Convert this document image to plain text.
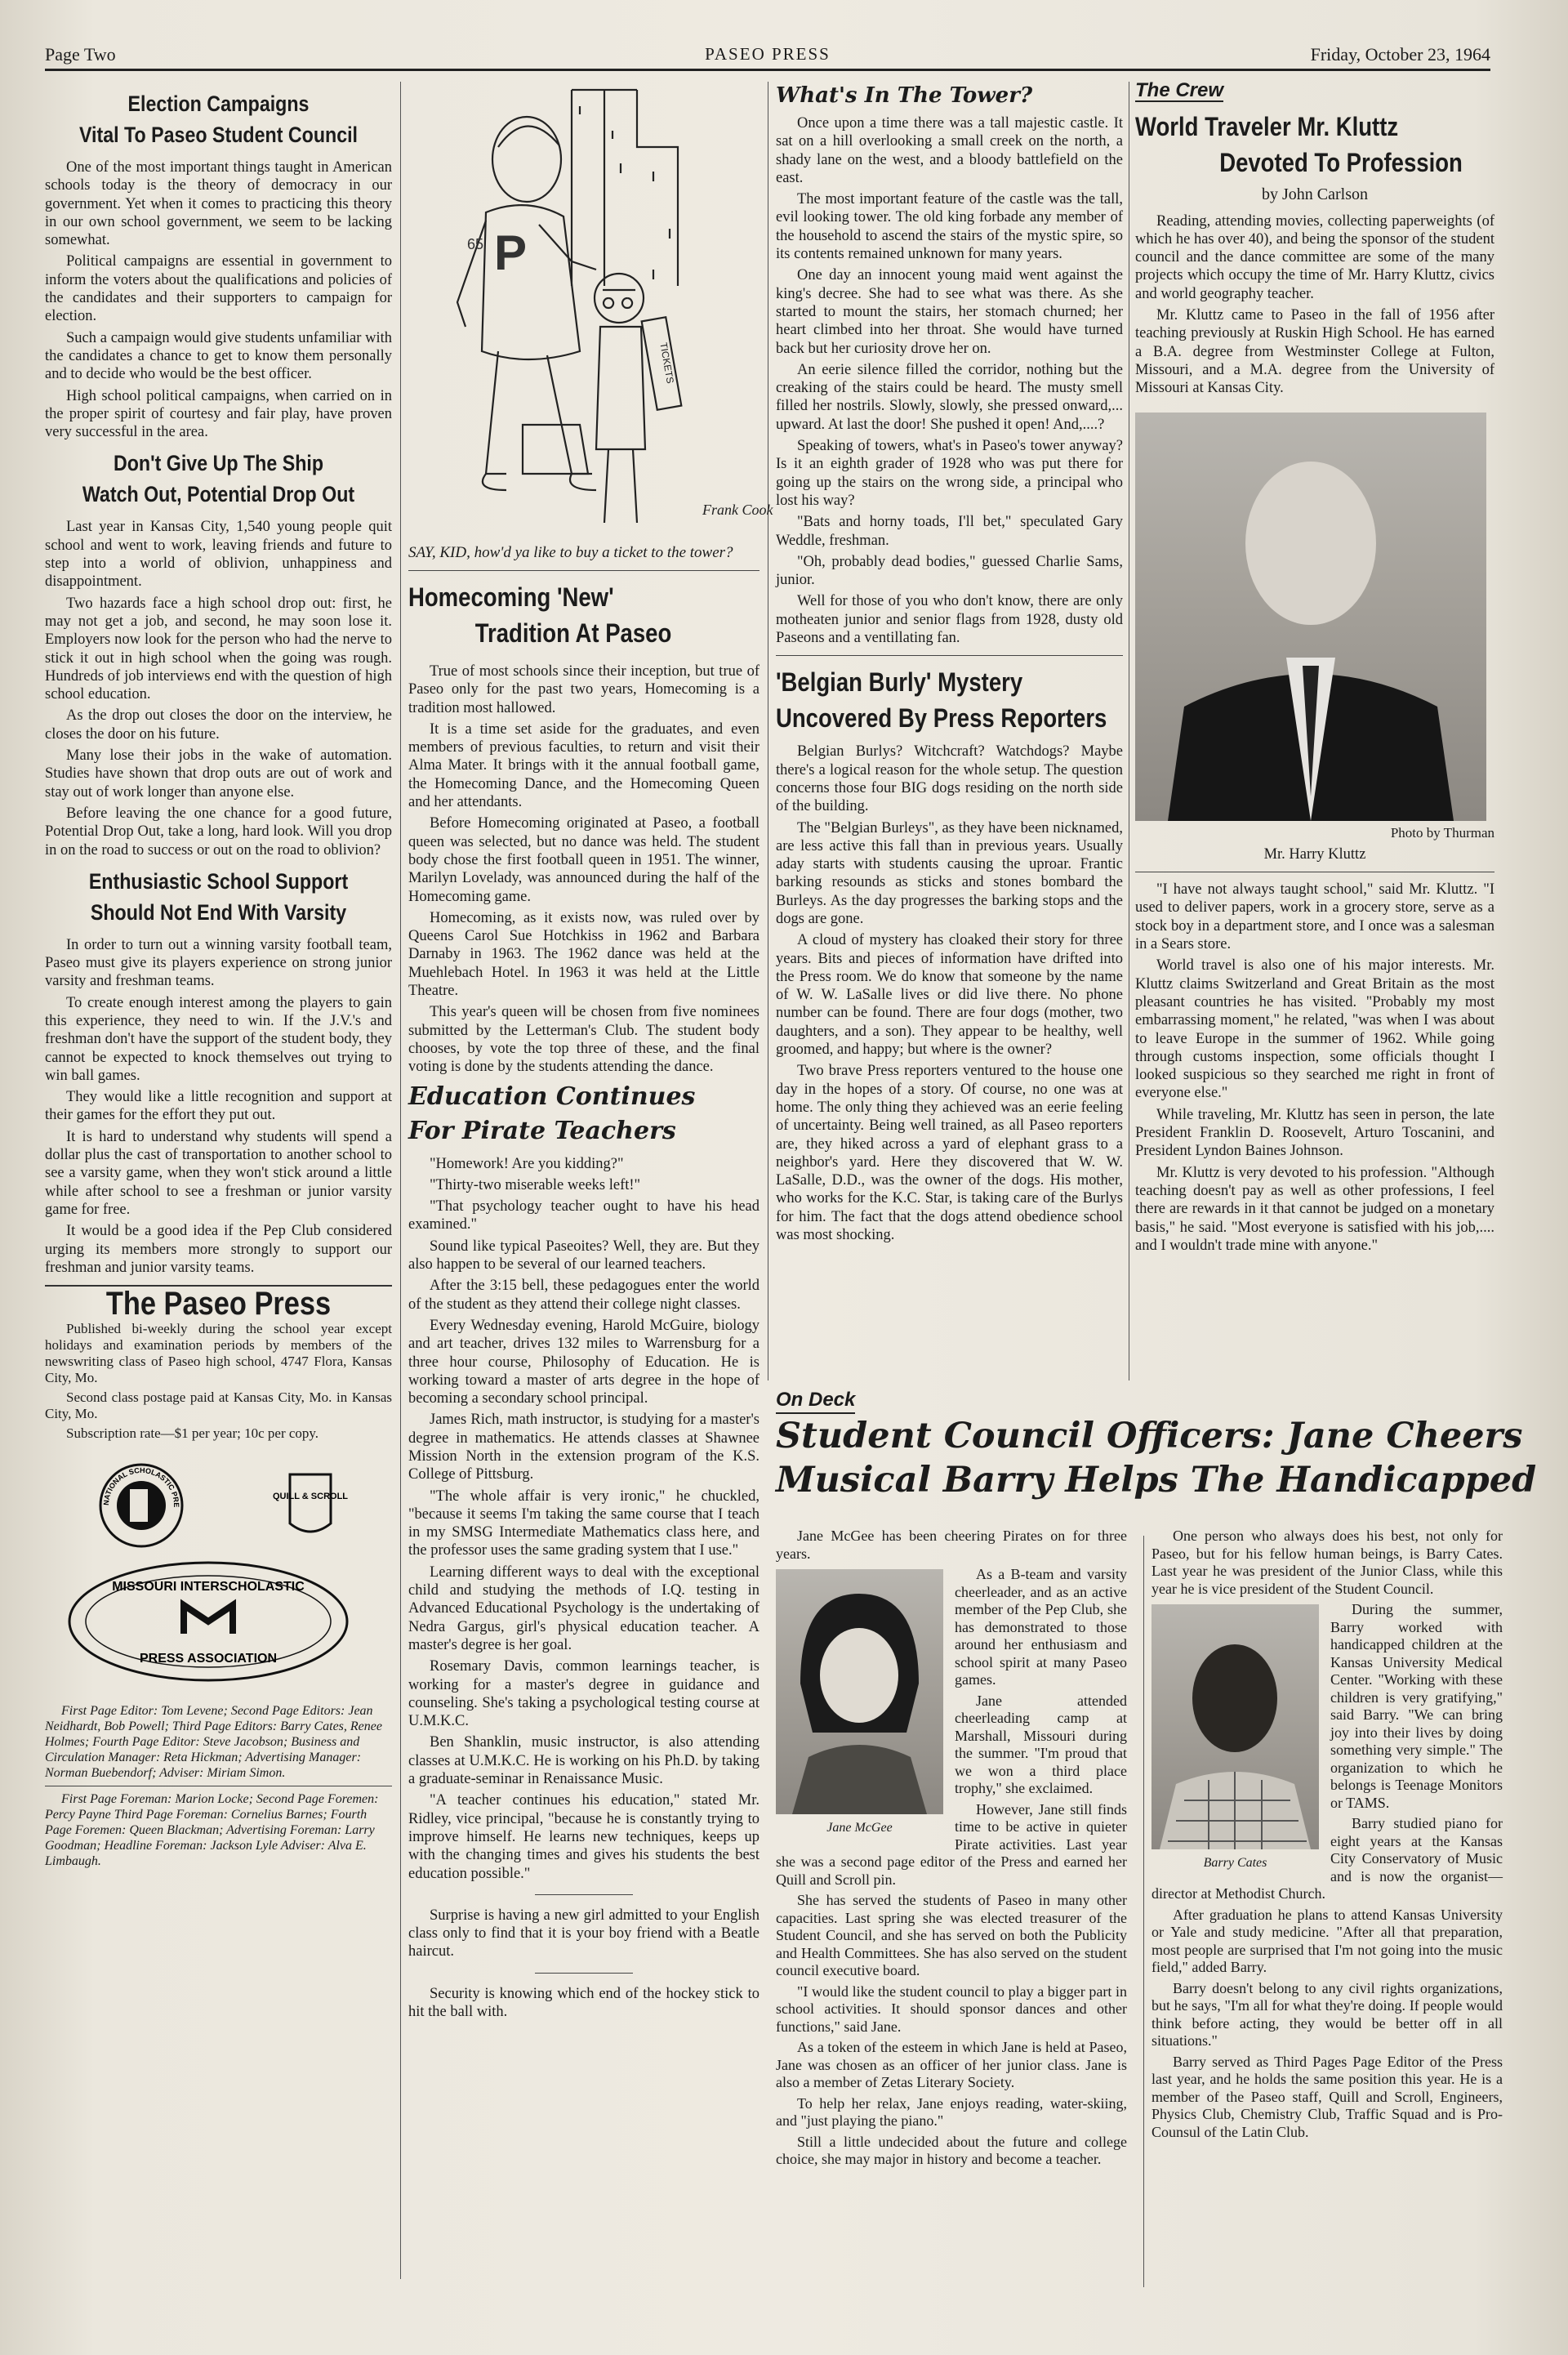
Page Two	PASEO PRESS	Friday, October 23, 1964
Election Campaigns
Vital To Paseo Student Council

One of the most important things taught in American schools today is the theory of democracy in our government. Yet when it comes to practicing this theory in our own school government, we seem to be lacking somewhat.

Political campaigns are essential in government to inform the voters about the qualifications and policies of the candidates and their supporters to campaign for election.

Such a campaign would give students unfamiliar with the candidates a chance to get to know them personally and to decide who would be the best officer.

High school political campaigns, when carried on in the proper spirit of courtesy and fair play, have proven very successful in the area.

Don't Give Up The Ship
Watch Out, Potential Drop Out

Last year in Kansas City, 1,540 young people quit school and went to work, leaving friends and future to step into a world of oblivion, unhappiness and disappointment.

Two hazards face a high school drop out: first, he may not get a job, and second, he may soon lose it. Employers now look for the person who had the nerve to stick it out in high school when the going was rough. Hundreds of job interviews end with the question of high school education.

As the drop out closes the door on the interview, he closes the door on his future.

Many lose their jobs in the wake of automation. Studies have shown that drop outs are out of work and stay out of work longer than anyone else.

Before leaving the one chance for a good future, Potential Drop Out, take a long, hard look. Will you drop in on the road to success or out on the road to oblivion?

Enthusiastic School Support
Should Not End With Varsity

In order to turn out a winning varsity football team, Paseo must give its players experience on strong junior varsity and freshman teams.

To create enough interest among the players to gain this experience, they need to win. If the J.V.'s and freshman don't have the support of the student body, they cannot be expected to knock themselves out trying to win ball games.

They would like a little recognition and support at their games for the effort they put out.

It is hard to understand why students will spend a dollar plus the cast of transportation to another school to see a varsity game, when they won't stick around a little while after school to see a freshman or junior varsity game for free.

It would be a good idea if the Pep Club considered urging its members more strongly to support our freshman and junior varsity teams.

The Paseo Press

Published bi-weekly during the school year except holidays and examination periods by members of the newswriting class of Paseo high school, 4747 Flora, Kansas City, Mo.

Second class postage paid at Kansas City, Mo. in Kansas City, Mo.

Subscription rate—$1 per year; 10c per copy.

NATIONAL SCHOLASTIC PRE
QUILL & SCROLL
MISSOURI INTERSCHOLASTIC
PRESS ASSOCIATION

First Page Editor: Tom Levene; Second Page Editors: Jean Neidhardt, Bob Powell; Third Page Editors: Barry Cates, Renee Holmes; Fourth Page Editor: Steve Jacobson; Business and Circulation Manager: Reta Hickman; Advertising Manager: Norman Buebendorf; Adviser: Miriam Simon.

First Page Foreman: Marion Locke; Second Page Foremen: Percy Payne Third Page Foreman: Cornelius Barnes; Fourth Page Foremen: Queen Blackman; Advertising Foreman: Larry Goodman; Headline Foreman: Jackson Lyle Adviser: Alva E. Limbaugh.

P
65
TICKETS
Frank Cook

SAY, KID, how'd ya like to buy a ticket to the tower?

Homecoming 'New'
Tradition At Paseo

True of most schools since their inception, but true of Paseo only for the past two years, Homecoming is a tradition most hallowed.

It is a time set aside for the graduates, and even members of previous faculties, to return and visit their Alma Mater. It brings with it the annual football game, the Homecoming Dance, and the Homecoming Queen and her attendants.

Before Homecoming originated at Paseo, a football queen was selected, but no dance was held. The student body chose the first football queen in 1951. The winner, Marilyn Lovelady, was announced during the half of the Homecoming game.

Homecoming, as it exists now, was ruled over by Queens Carol Sue Hotchkiss in 1962 and Barbara Darnaby in 1963. The 1962 dance was held at the Muehlebach Hotel. In 1963 it was held at the Little Theatre.

This year's queen will be chosen from five nominees submitted by the Letterman's Club. The student body chooses, by vote the top three of these, and the final voting is done by the students attending the dance.

Education Continues
For Pirate Teachers

"Homework! Are you kidding?"

"Thirty-two miserable weeks left!"

"That psychology teacher ought to have his head examined."

Sound like typical Paseoites? Well, they are. But they also happen to be several of our learned teachers.

After the 3:15 bell, these pedagogues enter the world of the student as they attend their college night classes.

Every Wednesday evening, Harold McGuire, biology and art teacher, drives 132 miles to Warrensburg for a three hour course, Philosophy of Education. He is working toward a master of arts degree in the hope of becoming a secondary school principal.

James Rich, math instructor, is studying for a master's degree in mathematics. He attends classes at Shawnee Mission North in the extension program of the K.S. College of Pittsburg.

"The whole affair is very ironic," he chuckled, "because it seems I'm taking the same course that I teach in my SMSG Intermediate Mathematics class here, and the professor uses the same grading system that I use."

Learning different ways to deal with the exceptional child and studying the methods of I.Q. testing in Advanced Educational Psychology is the undertaking of Nedra Gargus, girl's physical education teacher. A master's degree is her goal.

Rosemary Davis, common learnings teacher, is working for a master's degree in guidance and counseling. She's taking a psychological testing course at U.M.K.C.

Ben Shanklin, music instructor, is also attending classes at U.M.K.C. He is working on his Ph.D. by taking a graduate-seminar in Renaissance Music.

"A teacher continues his education," stated Mr. Ridley, vice principal, "because he is constantly trying to improve himself. He learns new techniques, keeps up with the changing times and gives his students the best education possible."

Surprise is having a new girl admitted to your English class only to find that it is your boy friend with a Beatle haircut.

Security is knowing which end of the hockey stick to hit the ball with.

What's In The Tower?

Once upon a time there was a tall majestic castle. It sat on a hill overlooking a small creek on the north, a shady lane on the west, and a bloody battlefield on the east.

The most important feature of the castle was the tall, evil looking tower. The old king forbade any member of the household to ascend the stairs of the mystic spire, so its contents remained unknown for many years.

One day an innocent young maid went against the king's decree. She had to see what was there. As she started to mount the stairs, her stomach churned; her heart climbed into her throat. She would have turned back but her curiosity drove her on.

An eerie silence filled the corridor, nothing but the creaking of the stairs could be heard. The musty smell filled her nostrils. Slowly, slowly, she pressed onward,... upward. At last the door! She pushed it open! And,....?

Speaking of towers, what's in Paseo's tower anyway? Is it an eighth grader of 1928 who was put there for going up the stairs on the wrong side, a principal who lost his way?

"Bats and horny toads, I'll bet," speculated Gary Weddle, freshman.

"Oh, probably dead bodies," guessed Charlie Sams, junior.

Well for those of you who don't know, there are only motheaten junior and senior flags from 1928, dusty old Paseons and a ventillating fan.

'Belgian Burly' Mystery
Uncovered By Press Reporters

Belgian Burlys? Witchcraft? Watchdogs? Maybe there's a logical reason for the whole setup. The question concerns those four BIG dogs residing on the north side of the building.

The "Belgian Burleys", as they have been nicknamed, are less active this fall than in previous years. Usually aday starts with students causing the uproar. Frantic barking resounds as sticks and stones bombard the Burleys. As the day progresses the barking stops and the dogs are gone.

A cloud of mystery has cloaked their story for three years. Bits and pieces of information have drifted into the Press room. We do know that someone by the name of W. W. LaSalle lives or did live there. No phone number can be found. There are four dogs (mother, two daughters, and a son). They appear to be healthy, well groomed, and happy; but where is the owner?

Two brave Press reporters ventured to the house one day in the hopes of a story. Of course, no one was at home. The only thing they achieved was an eerie feeling of uncertainty. Being well trained, as all Paseo reporters are, they hiked across a yard of elephant grass to a neighbor's yard. Here they discovered that W. W. LaSalle, D.D., was the owner of the dogs. His mother, who works for the K.C. Star, is taking care of the Burlys for him. The fact that the dogs attend obedience school was most shocking.

The Crew
World Traveler Mr. Kluttz
Devoted To Profession

by John Carlson

Reading, attending movies, collecting paperweights (of which he has over 40), and being the sponsor of the student council and the dance committee are some of the many projects which occupy the time of Mr. Harry Kluttz, civics and world geography teacher.

Mr. Kluttz came to Paseo in the fall of 1956 after teaching previously at Ruskin High School. He has earned a B.A. degree from Westminster College at Fulton, Missouri, and a M.A. degree from the University of Missouri at Kansas City.

Photo by Thurman

Mr. Harry Kluttz

"I have not always taught school," said Mr. Kluttz. "I used to deliver papers, work in a grocery store, serve as a stock boy in a department store, and I once was a salesman in a Sears store.

World travel is also one of his major interests. Mr. Kluttz claims Switzerland and Great Britain as the most pleasant countries he has visited. "Probably my most embarrassing moment," he related, "was when I was about to leave Europe in the summer of 1962. While going through customs inspection, some officials thought I looked suspicious so they searched me right in front of everyone else."

While traveling, Mr. Kluttz has seen in person, the late President Franklin D. Roosevelt, Arturo Toscanini, and President Lyndon Baines Johnson.

Mr. Kluttz is very devoted to his profession. "Although teaching doesn't pay as well as other professions, I feel there are rewards in it that cannot be judged on a monetary basis," he said. "Most everyone is satisfied with his job,.... and I wouldn't trade mine with anyone."

On Deck
Student Council Officers: Jane Cheers
Musical Barry Helps The Handicapped

Jane McGee has been cheering Pirates on for three years.

Jane McGee

As a B-team and varsity cheerleader, and as an active member of the Pep Club, she has demonstrated to those around her enthusiasm and school spirit at many Paseo games.

Jane attended cheerleading camp at Marshall, Missouri during the summer. "I'm proud that we won a third place trophy," she exclaimed.

However, Jane still finds time to be active in quieter Pirate activities. Last year she was a second page editor of the Press and earned her Quill and Scroll pin.

She has served the students of Paseo in many other capacities. Last spring she was elected treasurer of the Student Council, and she has served on both the Publicity and Health Committees. She has also served on the student council executive board.

"I would like the student council to play a bigger part in school activities. It should sponsor dances and other functions," said Jane.

As a token of the esteem in which Jane is held at Paseo, Jane was chosen as an officer of her junior class. Jane is also a member of Zetas Literary Society.

To help her relax, Jane enjoys reading, water-skiing, and "just playing the piano."

Still a little undecided about the future and college choice, she may major in history and become a teacher.

One person who always does his best, not only for Paseo, but for his fellow human beings, is Barry Cates. Last year he was president of the Junior Class, while this year he is vice president of the Student Council.

Barry Cates

During the summer, Barry worked with handicapped children at the Kansas University Medical Center. "Working with these children is very gratifying," said Barry. "We can bring joy into their lives by doing something very simple." The organization to which he belongs is Teenage Monitors or TAMS.

Barry studied piano for eight years at the Kansas City Conservatory of Music and is now the organist—director at Methodist Church.

After graduation he plans to attend Kansas University or Yale and study medicine. "After all that preparation, most people are surprised that I'm not going into the music field," added Barry.

Barry doesn't belong to any civil rights organizations, but he says, "I'm all for what they're doing. If people would think before acting, they would be better off in all situations."

Barry served as Third Pages Page Editor of the Press last year, and he holds the same position this year. He is a member of the Paseo staff, Quill and Scroll, Engineers, Physics Club, Chemistry Club, Traffic Squad and is Pro-Counsul of the Latin Club.
